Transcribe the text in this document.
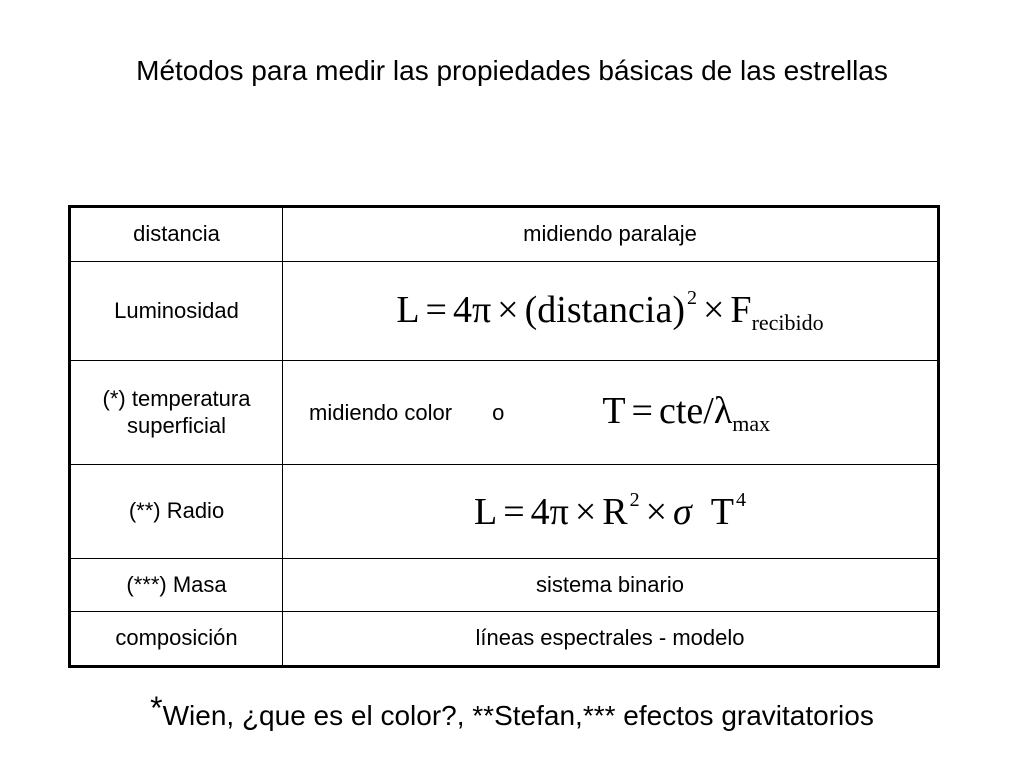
Métodos para medir las propiedades básicas de las estrellas
distancia	midiendo paralaje
Luminosidad	L = 4π × (distancia) $^2 \times F_{recibido}$
(*) temperatura superficial	midiendo color o T = cte/$\lambda_{max}$

(**) Radio	L = 4π × R $^2$ × σ T $^4$
(***) Masa	sistema binario
composición	líneas espectrales - modelo
*Wien, ¿que es el color?, **Stefan,*** efectos gravitatorios
